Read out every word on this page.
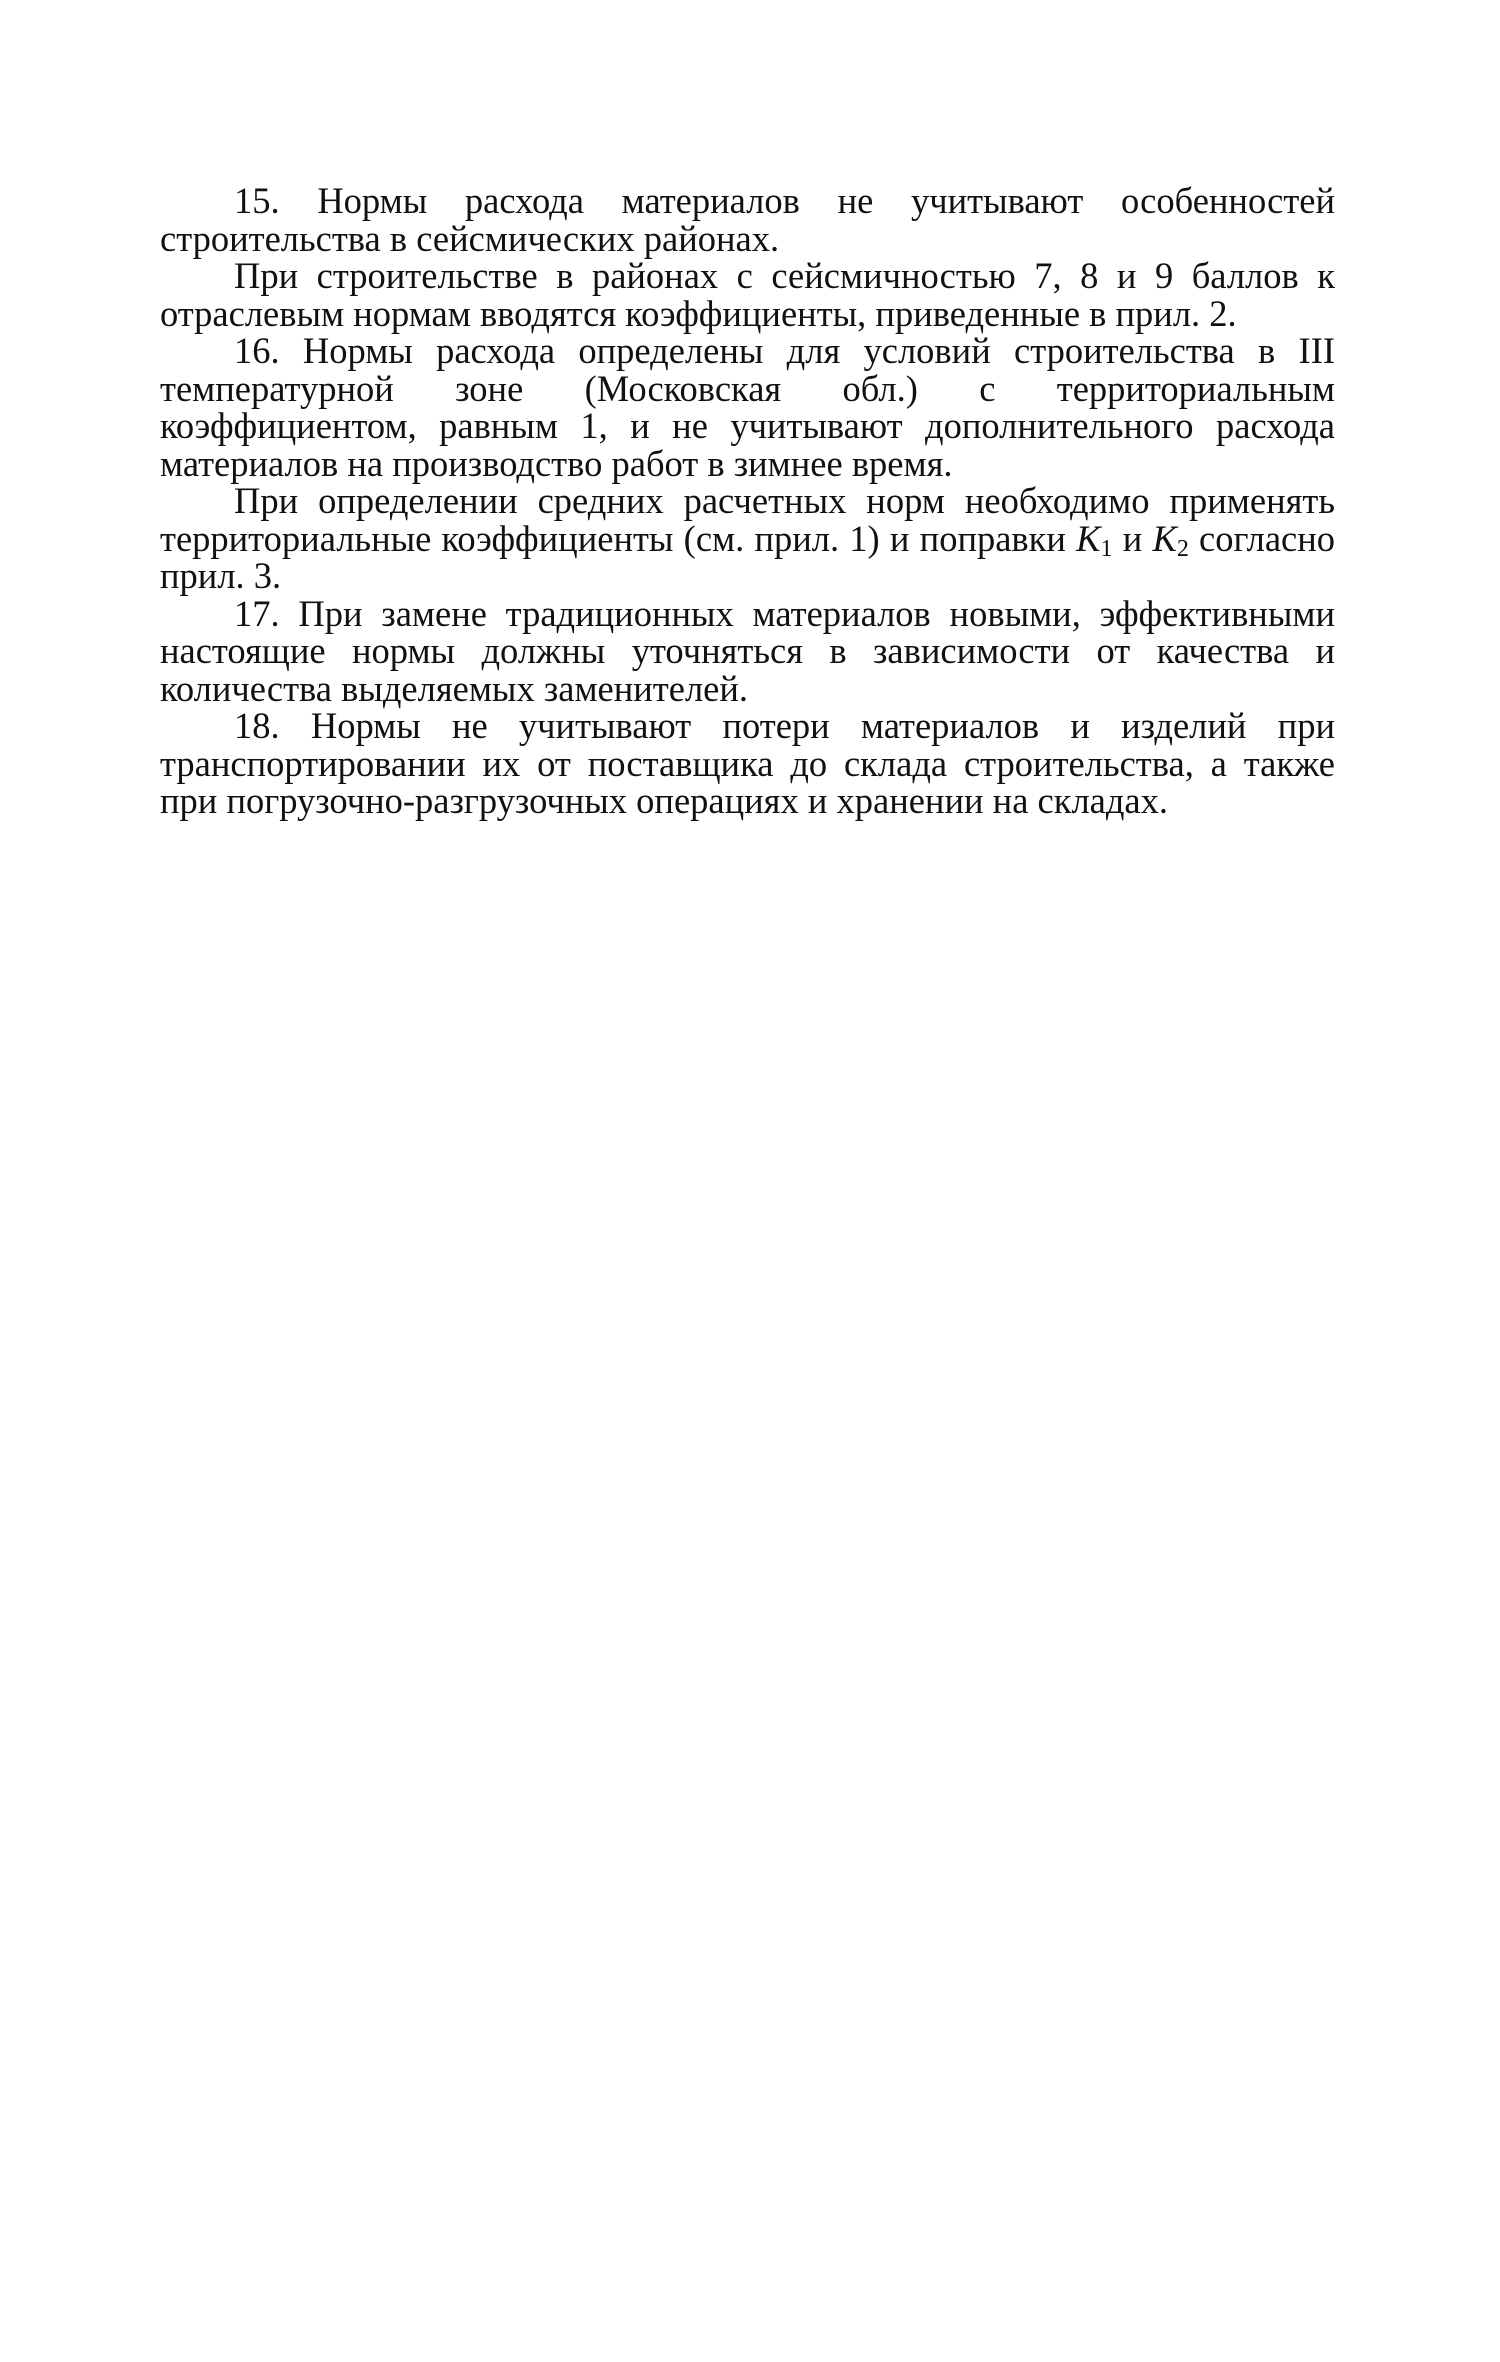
15. Нормы расхода материалов не учитывают особенностей строительства в сейсмических районах.

При строительстве в районах с сейсмичностью 7, 8 и 9 баллов к отраслевым нормам вводятся коэффициенты, приведенные в прил. 2.

16. Нормы расхода определены для условий строительства в III температурной зоне (Московская обл.) с территориальным коэффициентом, равным 1, и не учитывают дополнительного расхода материалов на производство работ в зимнее время.

При определении средних расчетных норм необходимо применять территориальные коэффициенты (см. прил. 1) и поправки $K_1$ и $K_2$ согласно прил. 3.

17. При замене традиционных материалов новыми, эффективными настоящие нормы должны уточняться в зависимости от качества и количества выделяемых заменителей.

18. Нормы не учитывают потери материалов и изделий при транспортировании их от поставщика до склада строительства, а также при погрузочно-разгрузочных операциях и хранении на складах.
